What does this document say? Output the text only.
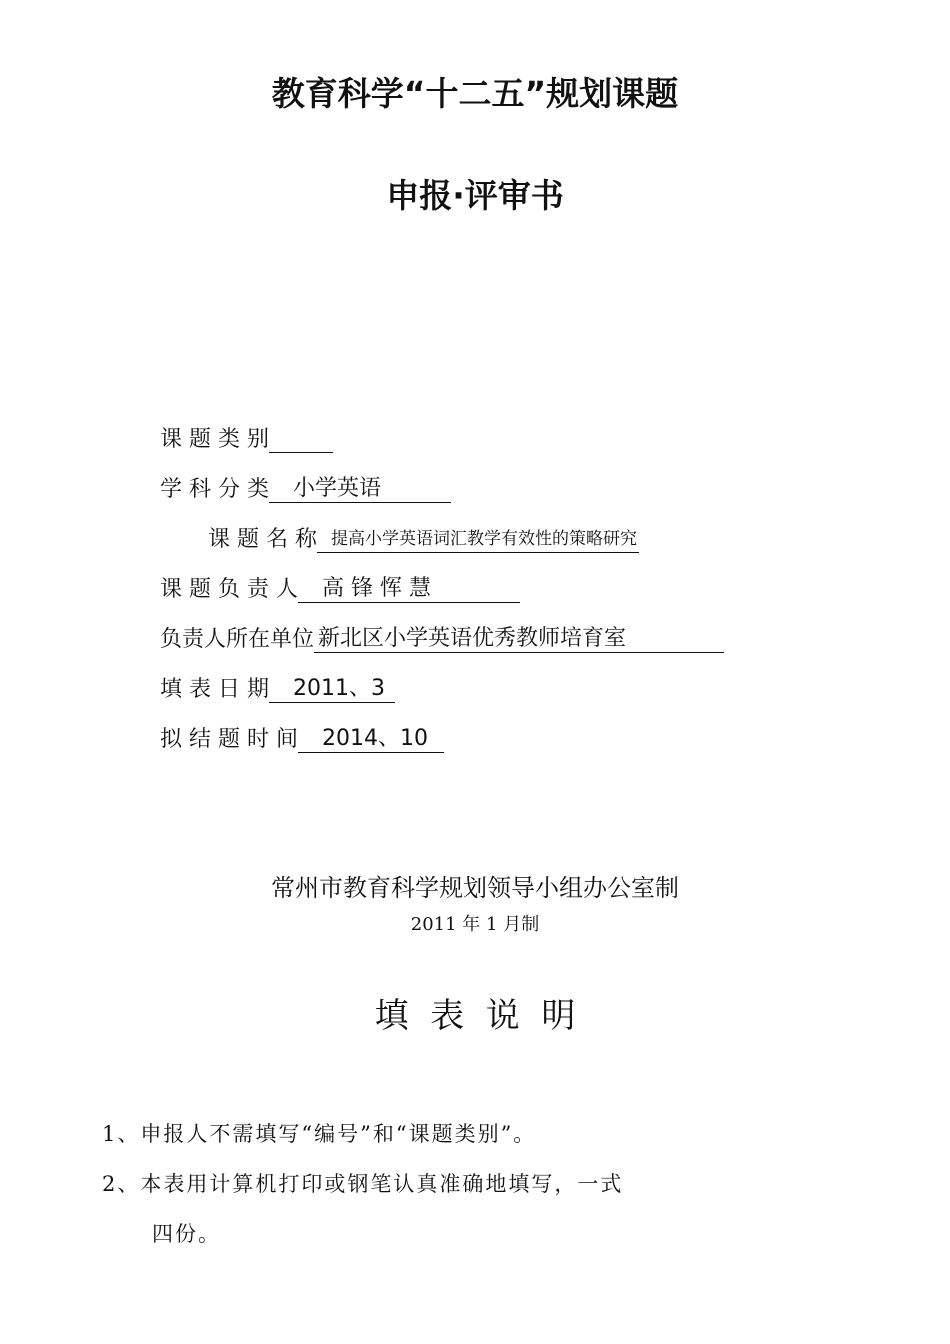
教育科学“十二五”规划课题
申报·评审书
课 题 类 别
学 科 分 类 小学英语
课 题 名 称 提高小学英语词汇教学有效性的策略研究
课 题 负 责 人 高 锋 恽 慧
负责人所在单位 新北区小学英语优秀教师培育室
填 表 日 期 2011、3
拟 结 题 时 间 2014、10
常州市教育科学规划领导小组办公室制
2011 年 1 月制
填  表  说  明
1、申报人不需填写“编号”和“课题类别”。
2、本表用计算机打印或钢笔认真准确地填写，一式
四份。
